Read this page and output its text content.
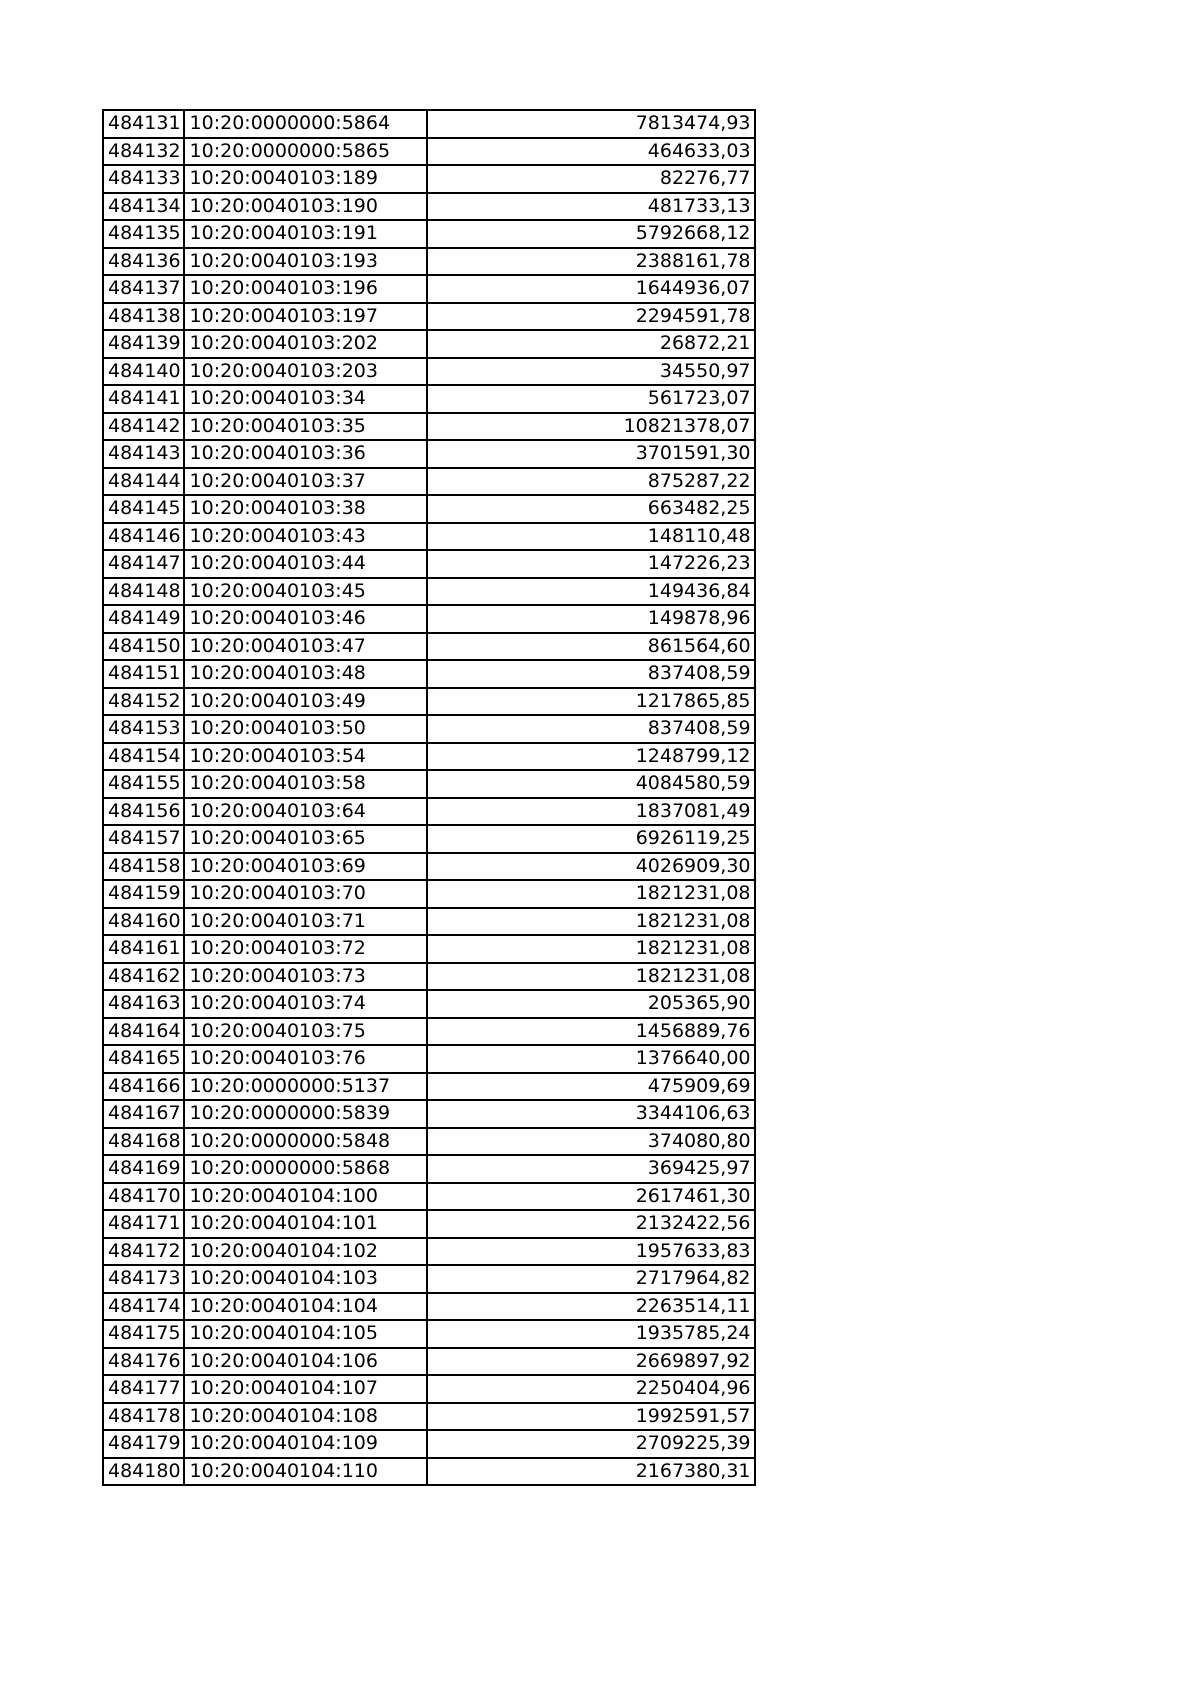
484131	10:20:0000000:5864	7813474,93
484132	10:20:0000000:5865	464633,03
484133	10:20:0040103:189	82276,77
484134	10:20:0040103:190	481733,13
484135	10:20:0040103:191	5792668,12
484136	10:20:0040103:193	2388161,78
484137	10:20:0040103:196	1644936,07
484138	10:20:0040103:197	2294591,78
484139	10:20:0040103:202	26872,21
484140	10:20:0040103:203	34550,97
484141	10:20:0040103:34	561723,07
484142	10:20:0040103:35	10821378,07
484143	10:20:0040103:36	3701591,30
484144	10:20:0040103:37	875287,22
484145	10:20:0040103:38	663482,25
484146	10:20:0040103:43	148110,48
484147	10:20:0040103:44	147226,23
484148	10:20:0040103:45	149436,84
484149	10:20:0040103:46	149878,96
484150	10:20:0040103:47	861564,60
484151	10:20:0040103:48	837408,59
484152	10:20:0040103:49	1217865,85
484153	10:20:0040103:50	837408,59
484154	10:20:0040103:54	1248799,12
484155	10:20:0040103:58	4084580,59
484156	10:20:0040103:64	1837081,49
484157	10:20:0040103:65	6926119,25
484158	10:20:0040103:69	4026909,30
484159	10:20:0040103:70	1821231,08
484160	10:20:0040103:71	1821231,08
484161	10:20:0040103:72	1821231,08
484162	10:20:0040103:73	1821231,08
484163	10:20:0040103:74	205365,90
484164	10:20:0040103:75	1456889,76
484165	10:20:0040103:76	1376640,00
484166	10:20:0000000:5137	475909,69
484167	10:20:0000000:5839	3344106,63
484168	10:20:0000000:5848	374080,80
484169	10:20:0000000:5868	369425,97
484170	10:20:0040104:100	2617461,30
484171	10:20:0040104:101	2132422,56
484172	10:20:0040104:102	1957633,83
484173	10:20:0040104:103	2717964,82
484174	10:20:0040104:104	2263514,11
484175	10:20:0040104:105	1935785,24
484176	10:20:0040104:106	2669897,92
484177	10:20:0040104:107	2250404,96
484178	10:20:0040104:108	1992591,57
484179	10:20:0040104:109	2709225,39
484180	10:20:0040104:110	2167380,31
